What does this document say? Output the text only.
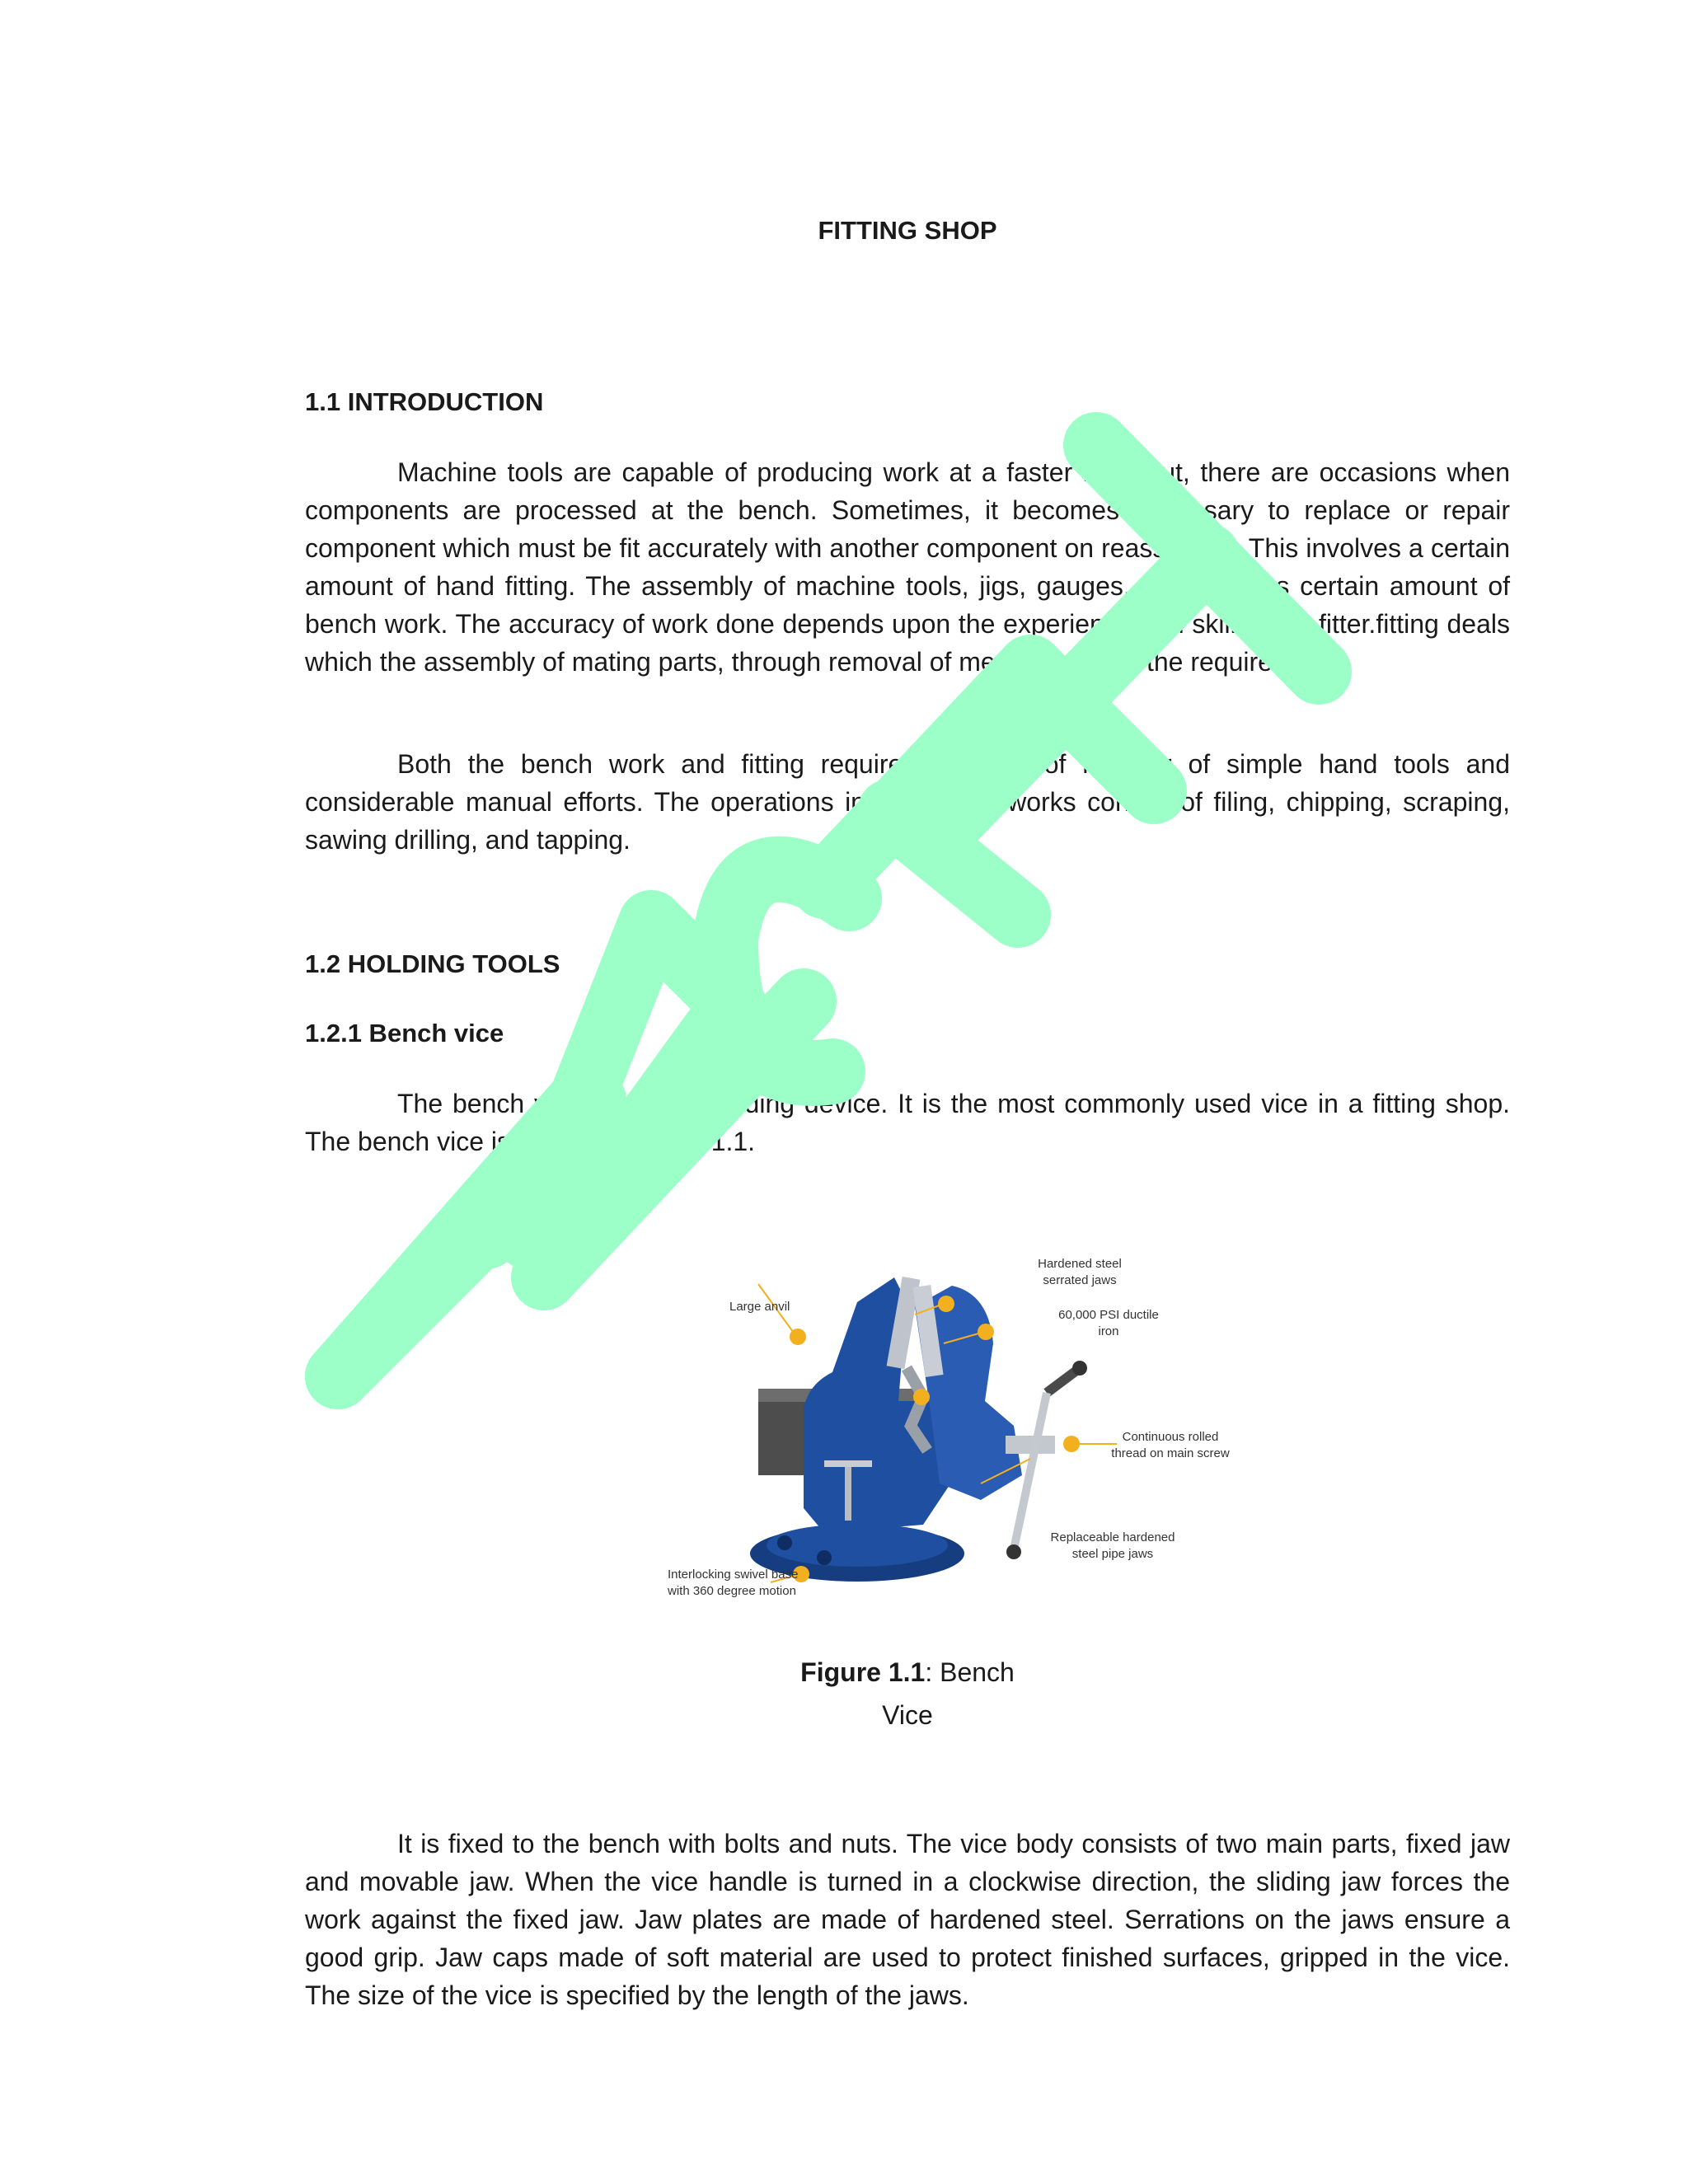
FITTING SHOP
1.1 INTRODUCTION

Machine tools are capable of producing work at a faster rate, but, there are occasions when components are processed at the bench. Sometimes, it becomes necessary to replace or repair component which must be fit accurately with another component on reassembly. This involves a certain amount of hand fitting. The assembly of machine tools, jigs, gauges, etc, involves certain amount of bench work. The accuracy of work done depends upon the experience and skill of the fitter.fitting deals which the assembly of mating parts, through removal of metal, to obtain the required fit.

Both the bench work and fitting requires the use of number of simple hand tools and considerable manual efforts. The operations in the above works consist of filing, chipping, scraping, sawing drilling, and tapping.

1.2 HOLDING TOOLS
1.2.1 Bench vice

The bench vice is a work holding device. It is the most commonly used vice in a fitting shop. The bench vice is shown in Figure 1.1.

Large anvil
Hardened steel
serrated jaws
60,000 PSI ductile
iron
Continuous rolled
thread on main screw
Replaceable hardened
steel pipe jaws
Interlocking swivel base
with 360 degree motion
Figure 1.1: Bench
Vice

It is fixed to the bench with bolts and nuts. The vice body consists of two main parts, fixed jaw and movable jaw. When the vice handle is turned in a clockwise direction, the sliding jaw forces the work against the fixed jaw. Jaw plates are made of hardened steel. Serrations on the jaws ensure a good grip. Jaw caps made of soft material are used to protect finished surfaces, gripped in the vice. The size of the vice is specified by the length of the jaws.
